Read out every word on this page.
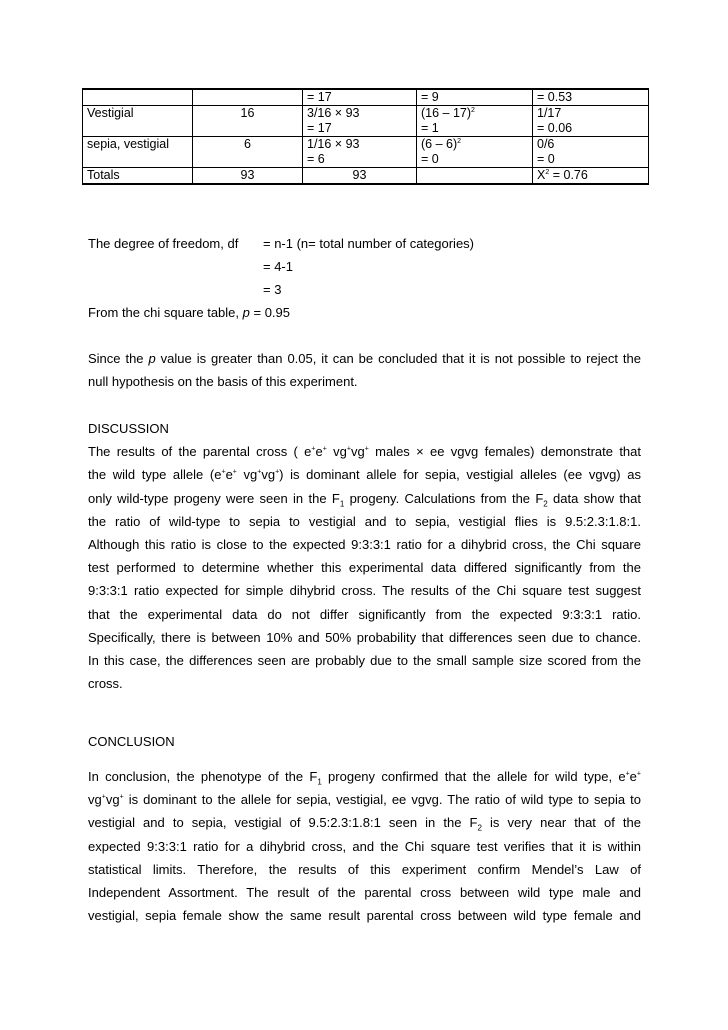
		= 17	= 9	= 0.53
Vestigial	16	3/16 × 93	(16 – 17)$^2$	1/17
		= 17	= 1	= 0.06
sepia, vestigial	6	1/16 × 93	(6 – 6)$^2$	0/6
		= 6	= 0	= 0
Totals	93	93		$X^2 = 0.76$
The degree of freedom, df = n-1 (n= total number of categories)
= 4-1
= 3
From the chi square table, p = 0.95
Since the p value is greater than 0.05, it can be concluded that it is not possible to reject the
null hypothesis on the basis of this experiment.
DISCUSSION
The results of the parental cross ( e+e+ vg+vg+ males × ee vgvg females) demonstrate that
the wild type allele (e+e+ vg+vg+) is dominant allele for sepia, vestigial alleles (ee vgvg) as
only wild-type progeny were seen in the $F_1$ progeny. Calculations from the $F_2$ data show that
the ratio of wild-type to sepia to vestigial and to sepia, vestigial flies is 9.5:2.3:1.8:1.
Although this ratio is close to the expected 9:3:3:1 ratio for a dihybrid cross, the Chi square
test performed to determine whether this experimental data differed significantly from the
9:3:3:1 ratio expected for simple dihybrid cross. The results of the Chi square test suggest
that the experimental data do not differ significantly from the expected 9:3:3:1 ratio.
Specifically, there is between 10% and 50% probability that differences seen due to chance.
In this case, the differences seen are probably due to the small sample size scored from the
cross.
CONCLUSION
In conclusion, the phenotype of the $F_1$ progeny confirmed that the allele for wild type, e+e+
vg+vg+ is dominant to the allele for sepia, vestigial, ee vgvg. The ratio of wild type to sepia to
vestigial and to sepia, vestigial of 9.5:2.3:1.8:1 seen in the $F_2$ is very near that of the
expected 9:3:3:1 ratio for a dihybrid cross, and the Chi square test verifies that it is within
statistical limits. Therefore, the results of this experiment confirm Mendel’s Law of
Independent Assortment. The result of the parental cross between wild type male and
vestigial, sepia female show the same result parental cross between wild type female and
